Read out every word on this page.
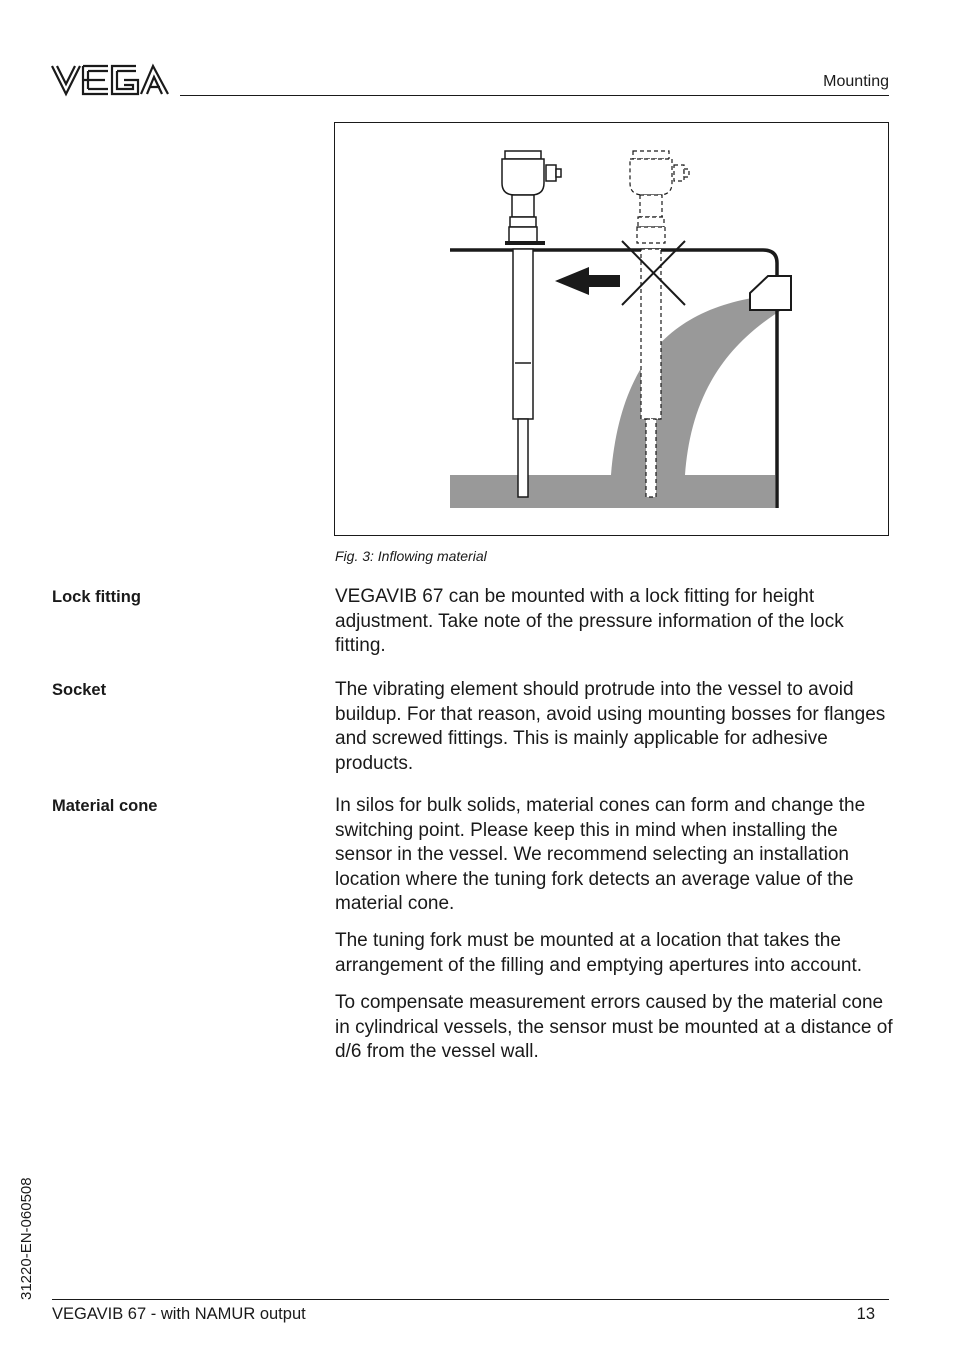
Mounting
Fig. 3: Inflowing material
Lock fitting	VEGAVIB 67 can be mounted with a lock fitting for height adjustment. Take note of the pressure information of the lock fitting.

Socket	The vibrating element should protrude into the vessel to avoid buildup. For that reason, avoid using mounting bosses for flanges and screwed fittings. This is mainly applicable for adhesive products.

Material cone	In silos for bulk solids, material cones can form and change the switching point. Please keep this in mind when installing the sensor in the vessel. We recommend selecting an installation location where the tuning fork detects an average value of the material cone.

The tuning fork must be mounted at a location that takes the arrangement of the filling and emptying apertures into account.

To compensate measurement errors caused by the material cone in cylindrical vessels, the sensor must be mounted at a distance of d/6 from the vessel wall.

31220-EN-060508
VEGAVIB 67 - with NAMUR output	13
